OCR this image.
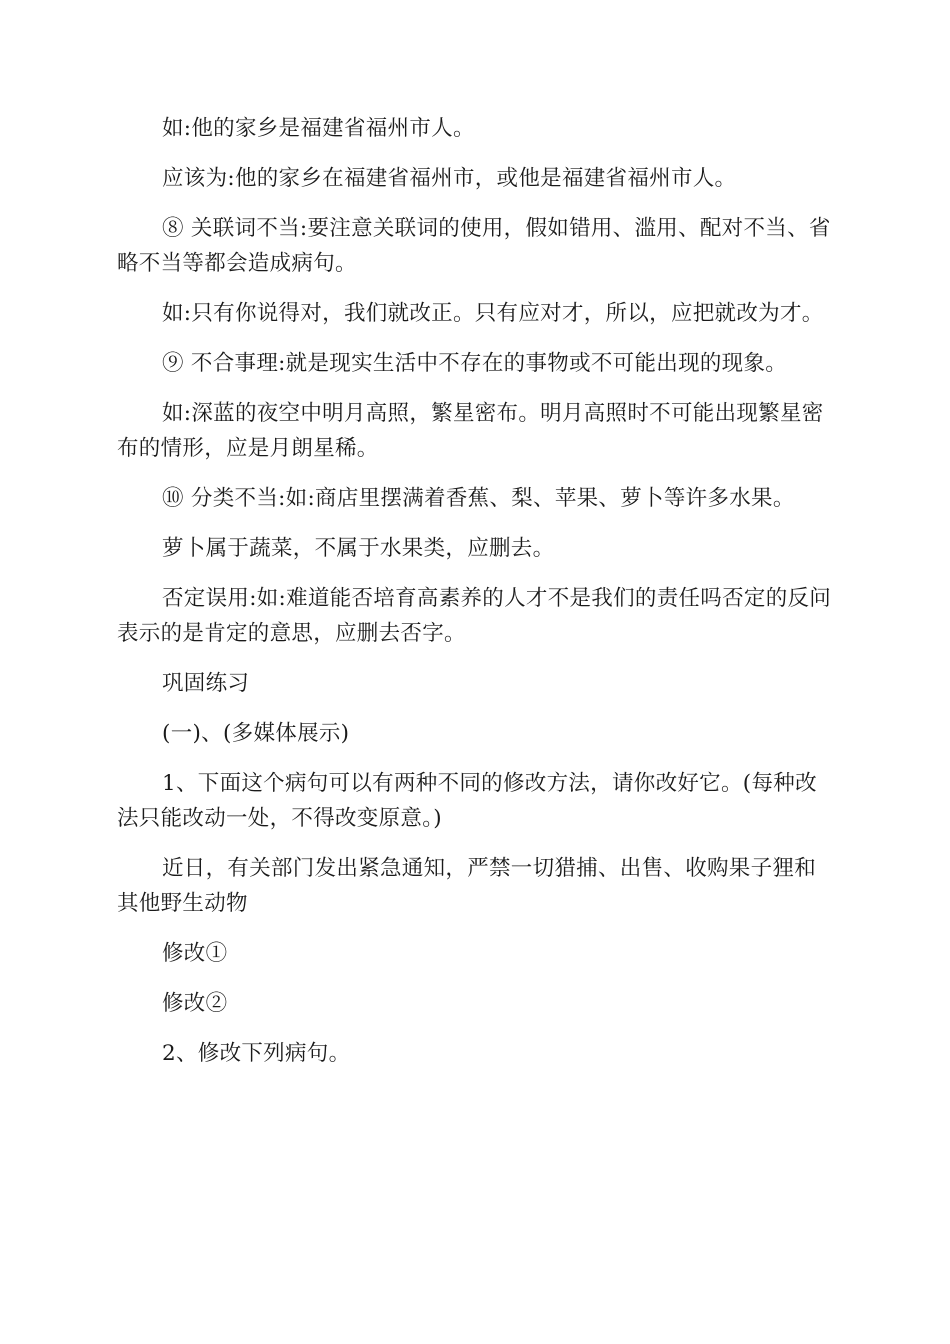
如:他的家乡是福建省福州市人。

应该为:他的家乡在福建省福州市，或他是福建省福州市人。

⑧ 关联词不当:要注意关联词的使用，假如错用、滥用、配对不当、省略不当等都会造成病句。

如:只有你说得对，我们就改正。只有应对才，所以，应把就改为才。

⑨ 不合事理:就是现实生活中不存在的事物或不可能出现的现象。

如:深蓝的夜空中明月高照，繁星密布。明月高照时不可能出现繁星密布的情形，应是月朗星稀。

⑩ 分类不当:如:商店里摆满着香蕉、梨、苹果、萝卜等许多水果。

萝卜属于蔬菜，不属于水果类，应删去。

否定误用:如:难道能否培育高素养的人才不是我们的责任吗否定的反问表示的是肯定的意思，应删去否字。

巩固练习

(一)、(多媒体展示)

1、下面这个病句可以有两种不同的修改方法，请你改好它。(每种改法只能改动一处，不得改变原意。)

近日，有关部门发出紧急通知，严禁一切猎捕、出售、收购果子狸和其他野生动物

修改①

修改②

2、修改下列病句。
